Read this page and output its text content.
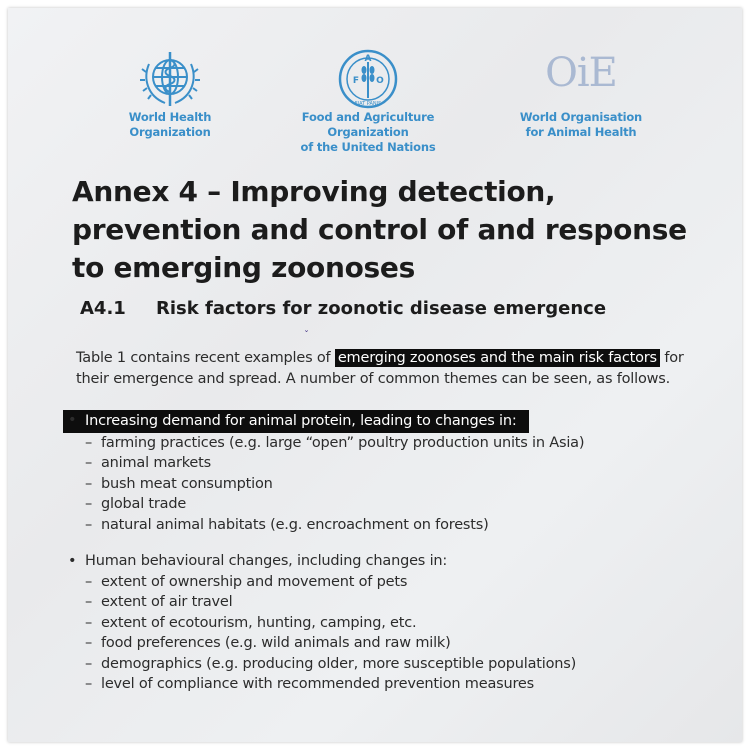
World Health
Organization
A
F O
FIAT PANIS
Food and Agriculture Organization
of the United Nations
OiE
World Organisation
for Animal Health
Annex 4 – Improving detection, prevention and control of and response to emerging zoonoses
A4.1 Risk factors for zoonotic disease emergence
ˇ

Table 1 contains recent examples of emerging zoonoses and the main risk factors for their emergence and spread. A number of common themes can be seen, as follows.

• Increasing demand for animal protein, leading to changes in:
– farming practices (e.g. large “open” poultry production units in Asia)
– animal markets
– bush meat consumption
– global trade
– natural animal habitats (e.g. encroachment on forests)
• Human behavioural changes, including changes in:
– extent of ownership and movement of pets
– extent of air travel
– extent of ecotourism, hunting, camping, etc.
– food preferences (e.g. wild animals and raw milk)
– demographics (e.g. producing older, more susceptible populations)
– level of compliance with recommended prevention measures
